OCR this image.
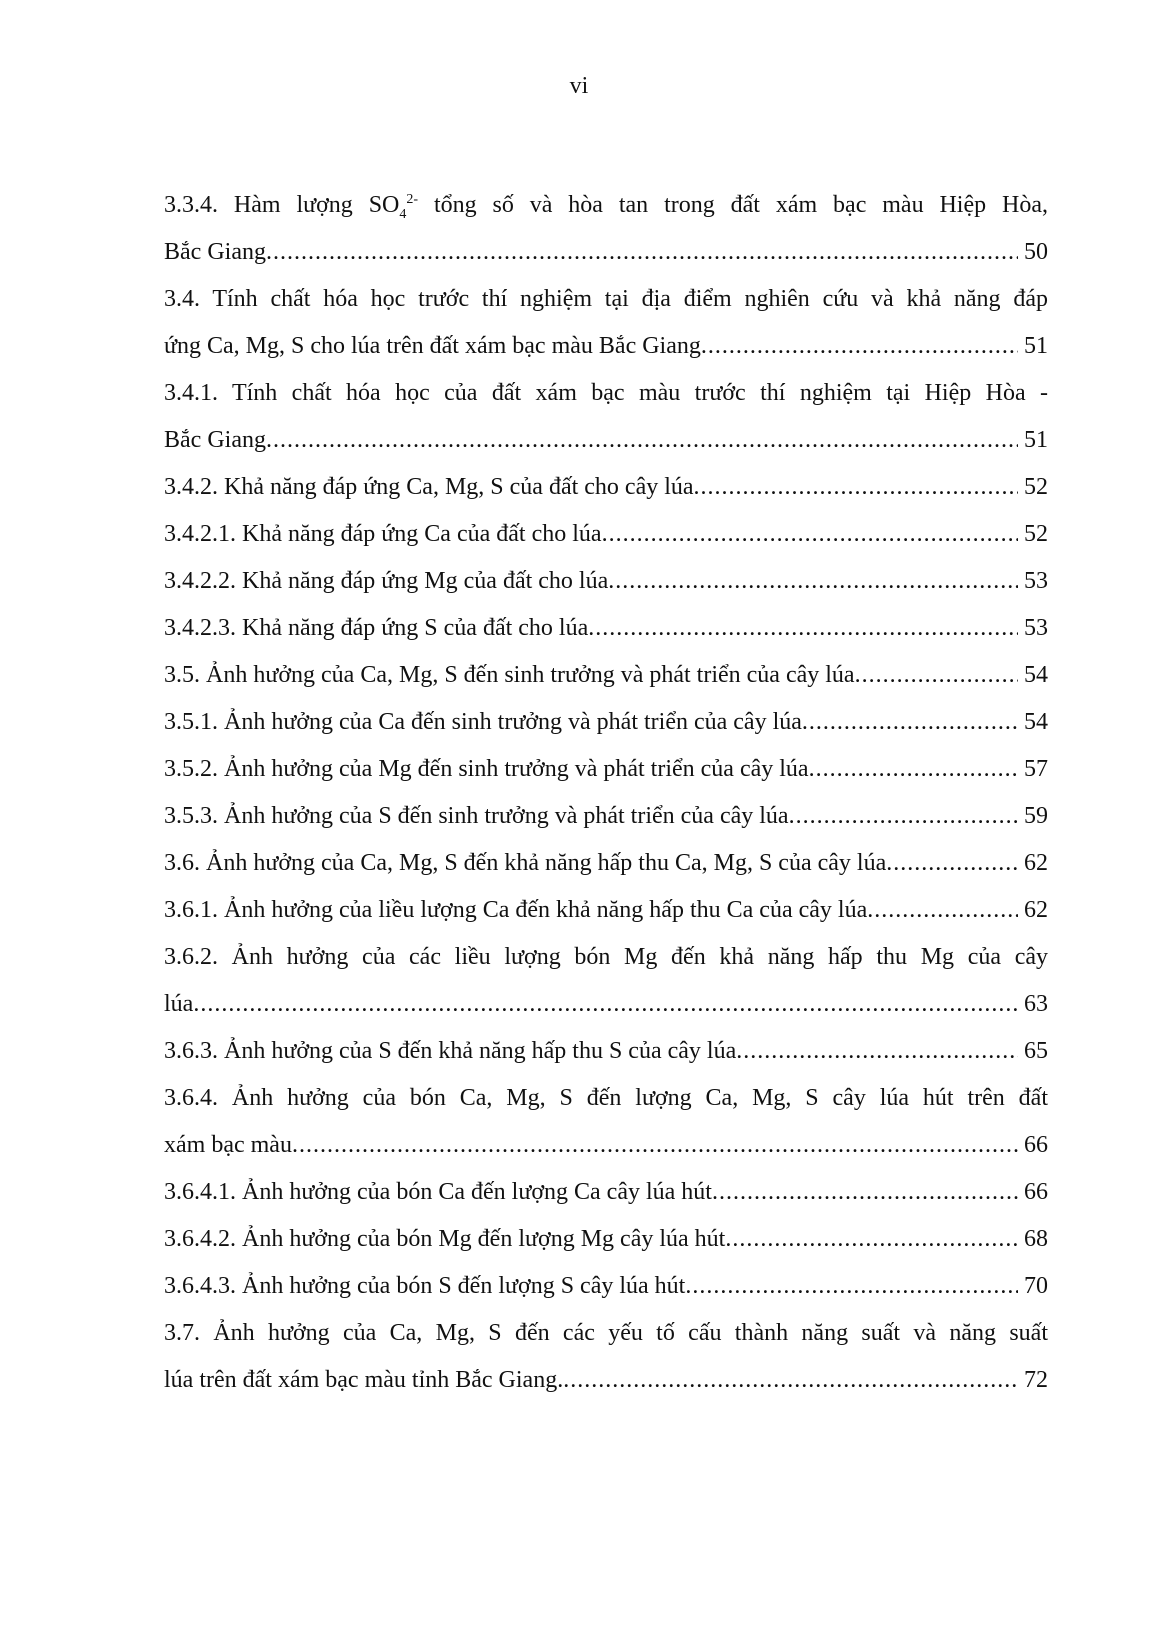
vi
3.3.4. Hàm lượng $SO_4^{2-}$ tổng số và hòa tan trong đất xám bạc màu Hiệp Hòa,
Bắc Giang .....	50
3.4. Tính chất hóa học trước thí nghiệm tại địa điểm nghiên cứu và khả năng đáp
ứng Ca, Mg, S cho lúa trên đất xám bạc màu Bắc Giang .....	51
3.4.1. Tính chất hóa học của đất xám bạc màu trước thí nghiệm tại Hiệp Hòa -
Bắc Giang .....	51
3.4.2. Khả năng đáp ứng Ca, Mg, S của đất cho cây lúa .....	52
3.4.2.1. Khả năng đáp ứng Ca của đất cho lúa .....	52
3.4.2.2. Khả năng đáp ứng Mg của đất cho lúa .....	53
3.4.2.3. Khả năng đáp ứng S của đất cho lúa .....	53
3.5. Ảnh hưởng của Ca, Mg, S đến sinh trưởng và phát triển của cây lúa .....	54
3.5.1. Ảnh hưởng của Ca đến sinh trưởng và phát triển của cây lúa .....	54
3.5.2. Ảnh hưởng của Mg đến sinh trưởng và phát triển của cây lúa .....	57
3.5.3. Ảnh hưởng của S đến sinh trưởng và phát triển của cây lúa .....	59
3.6. Ảnh hưởng của Ca, Mg, S đến khả năng hấp thu Ca, Mg, S của cây lúa .....	62
3.6.1. Ảnh hưởng của liều lượng Ca đến khả năng hấp thu Ca của cây lúa .....	62
3.6.2. Ảnh hưởng của các liều lượng bón Mg đến khả năng hấp thu Mg của cây
lúa .....	63
3.6.3. Ảnh hưởng của S đến khả năng hấp thu S của cây lúa .....	65
3.6.4. Ảnh hưởng của bón Ca, Mg, S đến lượng Ca, Mg, S cây lúa hút trên đất
xám bạc màu .....	66
3.6.4.1. Ảnh hưởng của bón Ca đến lượng Ca cây lúa hút .....	66
3.6.4.2. Ảnh hưởng của bón Mg đến lượng Mg cây lúa hút .....	68
3.6.4.3. Ảnh hưởng của bón S đến lượng S cây lúa hút .....	70
3.7. Ảnh hưởng của Ca, Mg, S đến các yếu tố cấu thành năng suất và năng suất
lúa trên đất xám bạc màu tỉnh Bắc Giang. .....	72
